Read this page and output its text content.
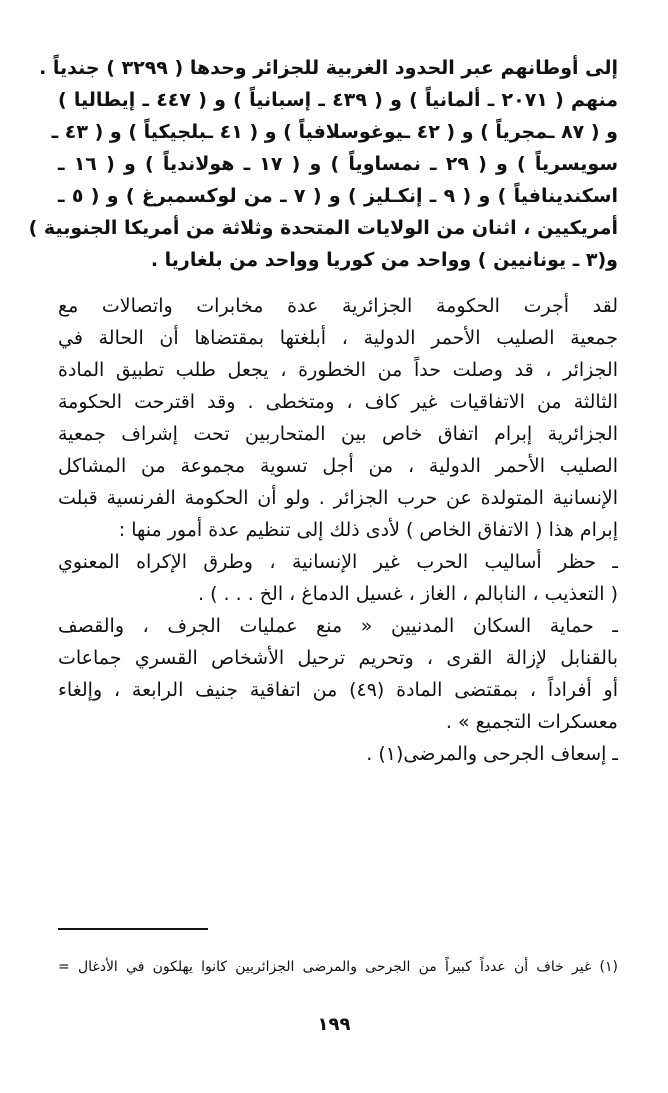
إلى أوطانهم عبر الحدود الغربية للجزائر وحدها ( ٣٢٩٩ ) جندياً .
منهم ( ٢٠٧١ ـ ألمانياً ) و ( ٤٣٩ ـ إسبانياً ) و ( ٤٤٧ ـ إيطاليا )
و ( ٨٧ ـمجرياً ) و ( ٤٢ ـيوغوسلافياً ) و ( ٤١ ـبلجيكياً ) و ( ٤٣ ـ
سويسرياً ) و ( ٢٩ ـ نمساوياً ) و ( ١٧ ـ هولاندياً ) و ( ١٦ ـ
اسكندينافياً ) و ( ٩ ـ إنكـليز ) و ( ٧ ـ من لوكسمبرغ ) و ( ٥ ـ
أمريكيين ، اثنان من الولايات المتحدة وثلاثة من أمريكا الجنوبية )
و(٣ ـ يونانيين ) وواحد من كوريا وواحد من بلغاريا .
لقد أجرت الحكومة الجزائرية عدة مخابرات واتصالات مع
جمعية الصليب الأحمر الدولية ، أبلغتها بمقتضاها أن الحالة في
الجزائر ، قد وصلت حداً من الخطورة ، يجعل طلب تطبيق المادة
الثالثة من الاتفاقيات غير كاف ، ومتخطى . وقد اقترحت الحكومة
الجزائرية إبرام اتفاق خاص بين المتحاربين تحت إشراف جمعية
الصليب الأحمر الدولية ، من أجل تسوية مجموعة من المشاكل
الإنسانية المتولدة عن حرب الجزائر . ولو أن الحكومة الفرنسية قبلت
إبرام هذا ( الاتفاق الخاص ) لأدى ذلك إلى تنظيم عدة أمور منها :
ـ حظر أساليب الحرب غير الإنسانية ، وطرق الإكراه المعنوي
( التعذيب ، النابالم ، الغاز ، غسيل الدماغ ، الخ . . . ) .
ـ حماية السكان المدنيين « منع عمليات الجرف ، والقصف
بالقنابل لإزالة القرى ، وتحريم ترحيل الأشخاص القسري جماعات
أو أفراداً ، بمقتضى المادة (٤٩) من اتفاقية جنيف الرابعة ، وإلغاء
معسكرات التجميع » .
ـ إسعاف الجرحى والمرضى(١) .
(١) غير خاف أن عدداً كبيراً من الجرحى والمرضى الجزائريين كانوا يهلكون في الأدغال =
١٩٩
